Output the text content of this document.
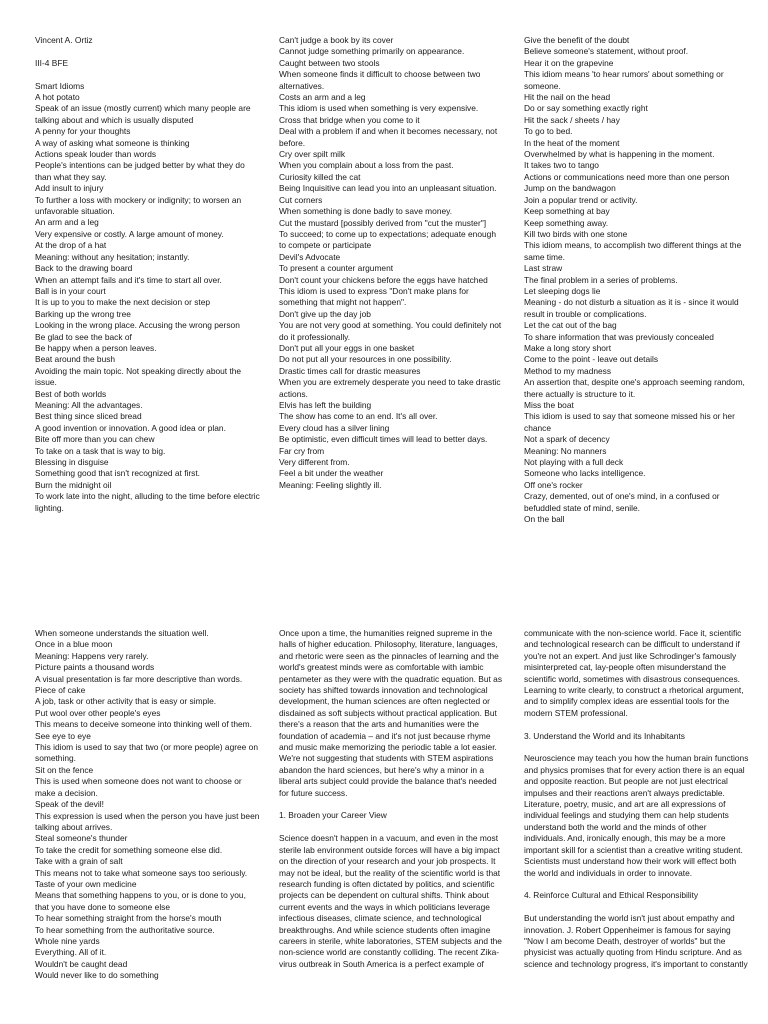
Vincent A. Ortiz

III-4 BFE

Smart Idioms

A hot potato

Speak of an issue (mostly current) which many people are talking about and which is usually disputed

A penny for your thoughts

A way of asking what someone is thinking

Actions speak louder than words

People's intentions can be judged better by what they do than what they say.

Add insult to injury

To further a loss with mockery or indignity; to worsen an unfavorable situation.

An arm and a leg

Very expensive or costly. A large amount of money.

At the drop of a hat

Meaning: without any hesitation; instantly.

Back to the drawing board

When an attempt fails and it's time to start all over.

Ball is in your court

It is up to you to make the next decision or step

Barking up the wrong tree

Looking in the wrong place. Accusing the wrong person

Be glad to see the back of

Be happy when a person leaves.

Beat around the bush

Avoiding the main topic. Not speaking directly about the issue.

Best of both worlds

Meaning: All the advantages.

Best thing since sliced bread

A good invention or innovation. A good idea or plan.

Bite off more than you can chew

To take on a task that is way to big.

Blessing in disguise

Something good that isn't recognized at first.

Burn the midnight oil

To work late into the night, alluding to the time before electric lighting.

Can't judge a book by its cover

Cannot judge something primarily on appearance.

Caught between two stools

When someone finds it difficult to choose between two alternatives.

Costs an arm and a leg

This idiom is used when something is very expensive.

Cross that bridge when you come to it

Deal with a problem if and when it becomes necessary, not before.

Cry over spilt milk

When you complain about a loss from the past.

Curiosity killed the cat

Being Inquisitive can lead you into an unpleasant situation.

Cut corners

When something is done badly to save money.

Cut the mustard [possibly derived from "cut the muster"]

To succeed; to come up to expectations; adequate enough to compete or participate

Devil's Advocate

To present a counter argument

Don't count your chickens before the eggs have hatched

This idiom is used to express "Don't make plans for something that might not happen".

Don't give up the day job

You are not very good at something. You could definitely not do it professionally.

Don't put all your eggs in one basket

Do not put all your resources in one possibility.

Drastic times call for drastic measures

When you are extremely desperate you need to take drastic actions.

Elvis has left the building

The show has come to an end. It's all over.

Every cloud has a silver lining

Be optimistic, even difficult times will lead to better days.

Far cry from

Very different from.

Feel a bit under the weather

Meaning: Feeling slightly ill.

Give the benefit of the doubt

Believe someone's statement, without proof.

Hear it on the grapevine

This idiom means 'to hear rumors' about something or someone.

Hit the nail on the head

Do or say something exactly right

Hit the sack / sheets / hay

To go to bed.

In the heat of the moment

Overwhelmed by what is happening in the moment.

It takes two to tango

Actions or communications need more than one person

Jump on the bandwagon

Join a popular trend or activity.

Keep something at bay

Keep something away.

Kill two birds with one stone

This idiom means, to accomplish two different things at the same time.

Last straw

The final problem in a series of problems.

Let sleeping dogs lie

Meaning - do not disturb a situation as it is - since it would result in trouble or complications.

Let the cat out of the bag

To share information that was previously concealed

Make a long story short

Come to the point - leave out details

Method to my madness

An assertion that, despite one's approach seeming random, there actually is structure to it.

Miss the boat

This idiom is used to say that someone missed his or her chance

Not a spark of decency

Meaning: No manners

Not playing with a full deck

Someone who lacks intelligence.

Off one's rocker

Crazy, demented, out of one's mind, in a confused or befuddled state of mind, senile.

On the ball

When someone understands the situation well.

Once in a blue moon

Meaning: Happens very rarely.

Picture paints a thousand words

A visual presentation is far more descriptive than words.

Piece of cake

A job, task or other activity that is easy or simple.

Put wool over other people's eyes

This means to deceive someone into thinking well of them.

See eye to eye

This idiom is used to say that two (or more people) agree on something.

Sit on the fence

This is used when someone does not want to choose or make a decision.

Speak of the devil!

This expression is used when the person you have just been talking about arrives.

Steal someone's thunder

To take the credit for something someone else did.

Take with a grain of salt

This means not to take what someone says too seriously.

Taste of your own medicine

Means that something happens to you, or is done to you, that you have done to someone else

To hear something straight from the horse's mouth

To hear something from the authoritative source.

Whole nine yards

Everything. All of it.

Wouldn't be caught dead

Would never like to do something

Once upon a time, the humanities reigned supreme in the halls of higher education. Philosophy, literature, languages, and rhetoric were seen as the pinnacles of learning and the world's greatest minds were as comfortable with iambic pentameter as they were with the quadratic equation. But as society has shifted towards innovation and technological development, the human sciences are often neglected or disdained as soft subjects without practical application. But there's a reason that the arts and humanities were the foundation of academia – and it's not just because rhyme and music make memorizing the periodic table a lot easier. We're not suggesting that students with STEM aspirations abandon the hard sciences, but here's why a minor in a liberal arts subject could provide the balance that's needed for future success.

1. Broaden your Career View

Science doesn't happen in a vacuum, and even in the most sterile lab environment outside forces will have a big impact on the direction of your research and your job prospects. It may not be ideal, but the reality of the scientific world is that research funding is often dictated by politics, and scientific projects can be dependent on cultural shifts. Think about current events and the ways in which politicians leverage infectious diseases, climate science, and technological breakthroughs. And while science students often imagine careers in sterile, white laboratories, STEM subjects and the non-science world are constantly colliding. The recent Zika-virus outbreak in South America is a perfect example of

communicate with the non-science world. Face it, scientific and technological research can be difficult to understand if you're not an expert. And just like Schrodinger's famously misinterpreted cat, lay-people often misunderstand the scientific world, sometimes with disastrous consequences. Learning to write clearly, to construct a rhetorical argument, and to simplify complex ideas are essential tools for the modern STEM professional.

3. Understand the World and its Inhabitants

Neuroscience may teach you how the human brain functions and physics promises that for every action there is an equal and opposite reaction. But people are not just electrical impulses and their reactions aren't always predictable. Literature, poetry, music, and art are all expressions of individual feelings and studying them can help students understand both the world and the minds of other individuals. And, ironically enough, this may be a more important skill for a scientist than a creative writing student. Scientists must understand how their work will effect both the world and individuals in order to innovate.

4. Reinforce Cultural and Ethical Responsibility

But understanding the world isn't just about empathy and innovation. J. Robert Oppenheimer is famous for saying "Now I am become Death, destroyer of worlds" but the physicist was actually quoting from Hindu scripture. And as science and technology progress, it's important to constantly
